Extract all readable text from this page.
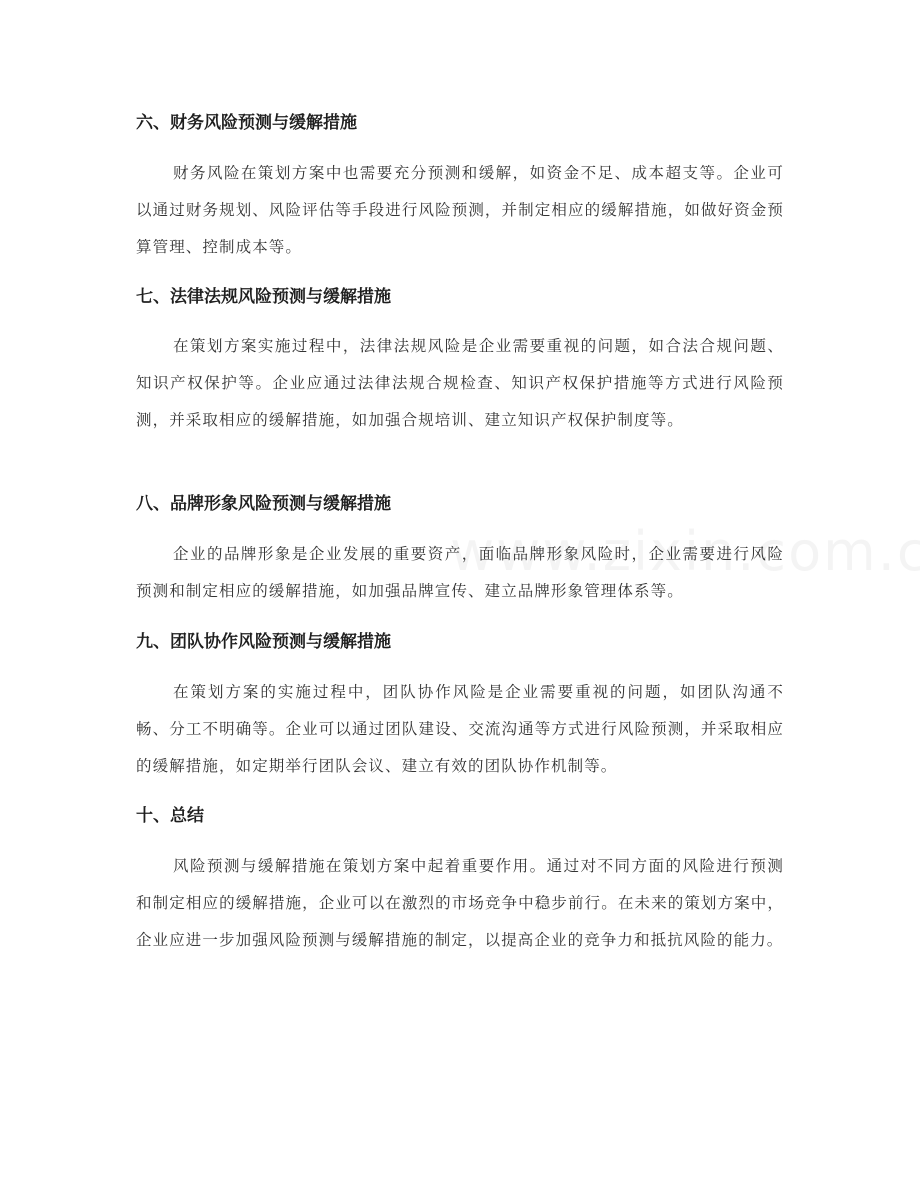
六、财务风险预测与缓解措施

财务风险在策划方案中也需要充分预测和缓解，如资金不足、成本超支等。企业可以通过财务规划、风险评估等手段进行风险预测，并制定相应的缓解措施，如做好资金预算管理、控制成本等。

七、法律法规风险预测与缓解措施

在策划方案实施过程中，法律法规风险是企业需要重视的问题，如合法合规问题、知识产权保护等。企业应通过法律法规合规检查、知识产权保护措施等方式进行风险预测，并采取相应的缓解措施，如加强合规培训、建立知识产权保护制度等。

八、品牌形象风险预测与缓解措施

企业的品牌形象是企业发展的重要资产，面临品牌形象风险时，企业需要进行风险预测和制定相应的缓解措施，如加强品牌宣传、建立品牌形象管理体系等。

九、团队协作风险预测与缓解措施

在策划方案的实施过程中，团队协作风险是企业需要重视的问题，如团队沟通不畅、分工不明确等。企业可以通过团队建设、交流沟通等方式进行风险预测，并采取相应的缓解措施，如定期举行团队会议、建立有效的团队协作机制等。

十、总结

风险预测与缓解措施在策划方案中起着重要作用。通过对不同方面的风险进行预测和制定相应的缓解措施，企业可以在激烈的市场竞争中稳步前行。在未来的策划方案中，企业应进一步加强风险预测与缓解措施的制定，以提高企业的竞争力和抵抗风险的能力。
